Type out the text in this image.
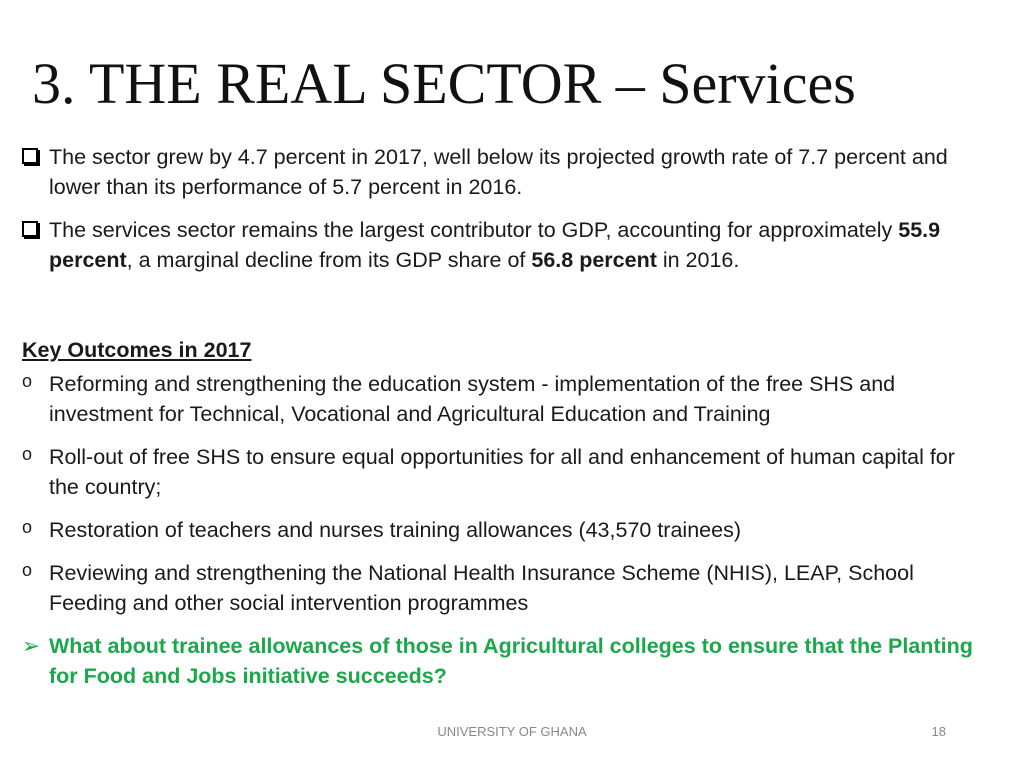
3. THE REAL SECTOR – Services
The sector grew by 4.7 percent in 2017, well below its projected growth rate of 7.7 percent and lower than its performance of 5.7 percent in 2016.
The services sector remains the largest contributor to GDP, accounting for approximately 55.9 percent, a marginal decline from its GDP share of 56.8 percent in 2016.
Key Outcomes in 2017
o Reforming and strengthening the education system - implementation of the free SHS and investment for Technical, Vocational and Agricultural Education and Training
o Roll-out of free SHS to ensure equal opportunities for all and enhancement of human capital for the country;
o Restoration of teachers and nurses training allowances (43,570 trainees)
o Reviewing and strengthening the National Health Insurance Scheme (NHIS), LEAP, School Feeding and other social intervention programmes
➢ What about trainee allowances of those in Agricultural colleges to ensure that the Planting for Food and Jobs initiative succeeds?
UNIVERSITY OF GHANA	18
